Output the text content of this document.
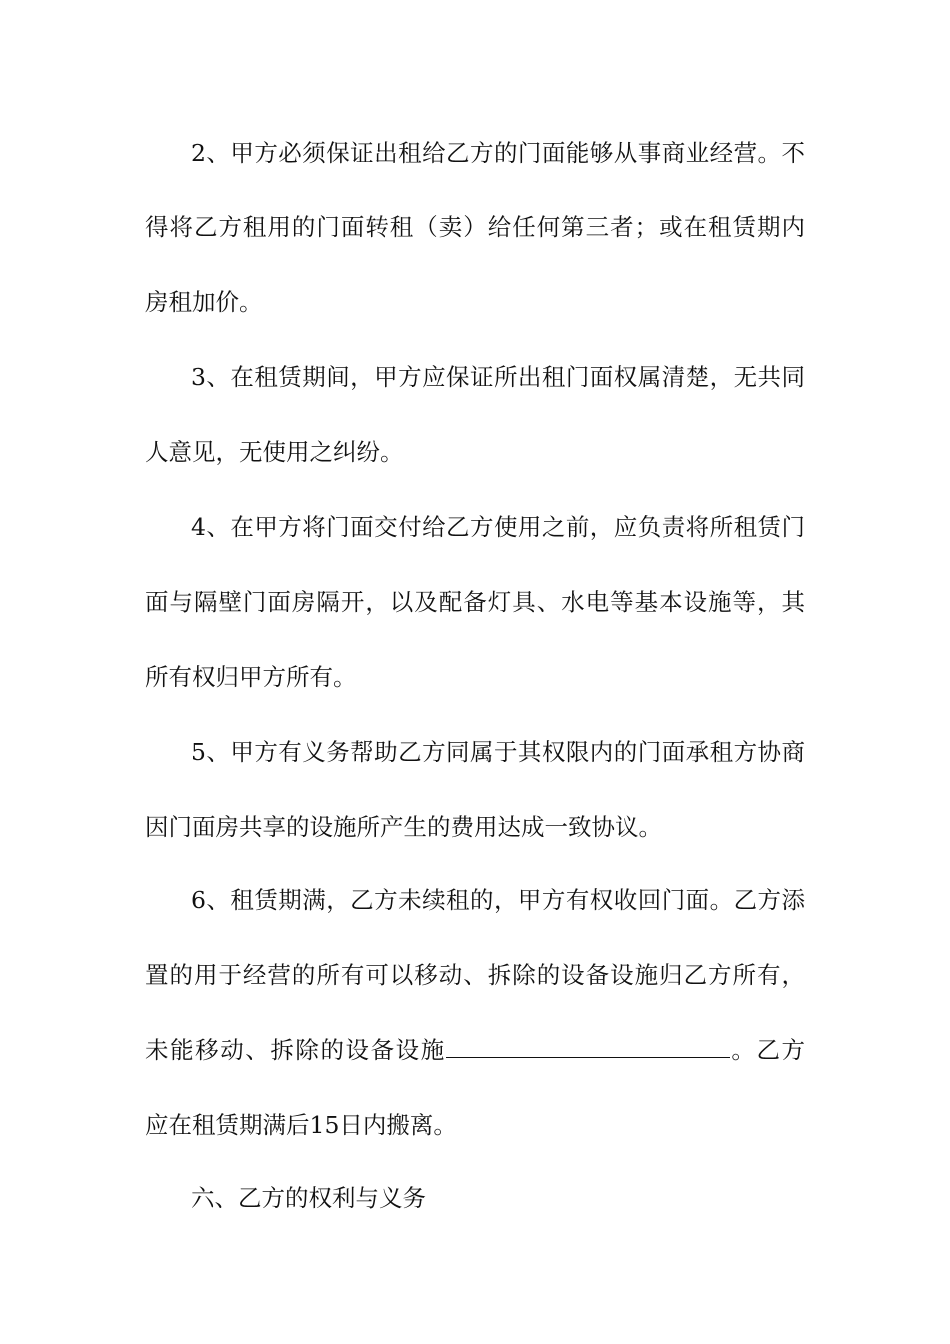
2、甲方必须保证出租给乙方的门面能够从事商业经营。不
得将乙方租用的门面转租（卖）给任何第三者；或在租赁期内
房租加价。
3、在租赁期间，甲方应保证所出租门面权属清楚，无共同
人意见，无使用之纠纷。
4、在甲方将门面交付给乙方使用之前，应负责将所租赁门
面与隔壁门面房隔开，以及配备灯具、水电等基本设施等，其
所有权归甲方所有。
5、甲方有义务帮助乙方同属于其权限内的门面承租方协商
因门面房共享的设施所产生的费用达成一致协议。
6、租赁期满，乙方未续租的，甲方有权收回门面。乙方添
置的用于经营的所有可以移动、拆除的设备设施归乙方所有，
未能移动、拆除的设备设施	。乙方
应在租赁期满后15日内搬离。
六、乙方的权利与义务
